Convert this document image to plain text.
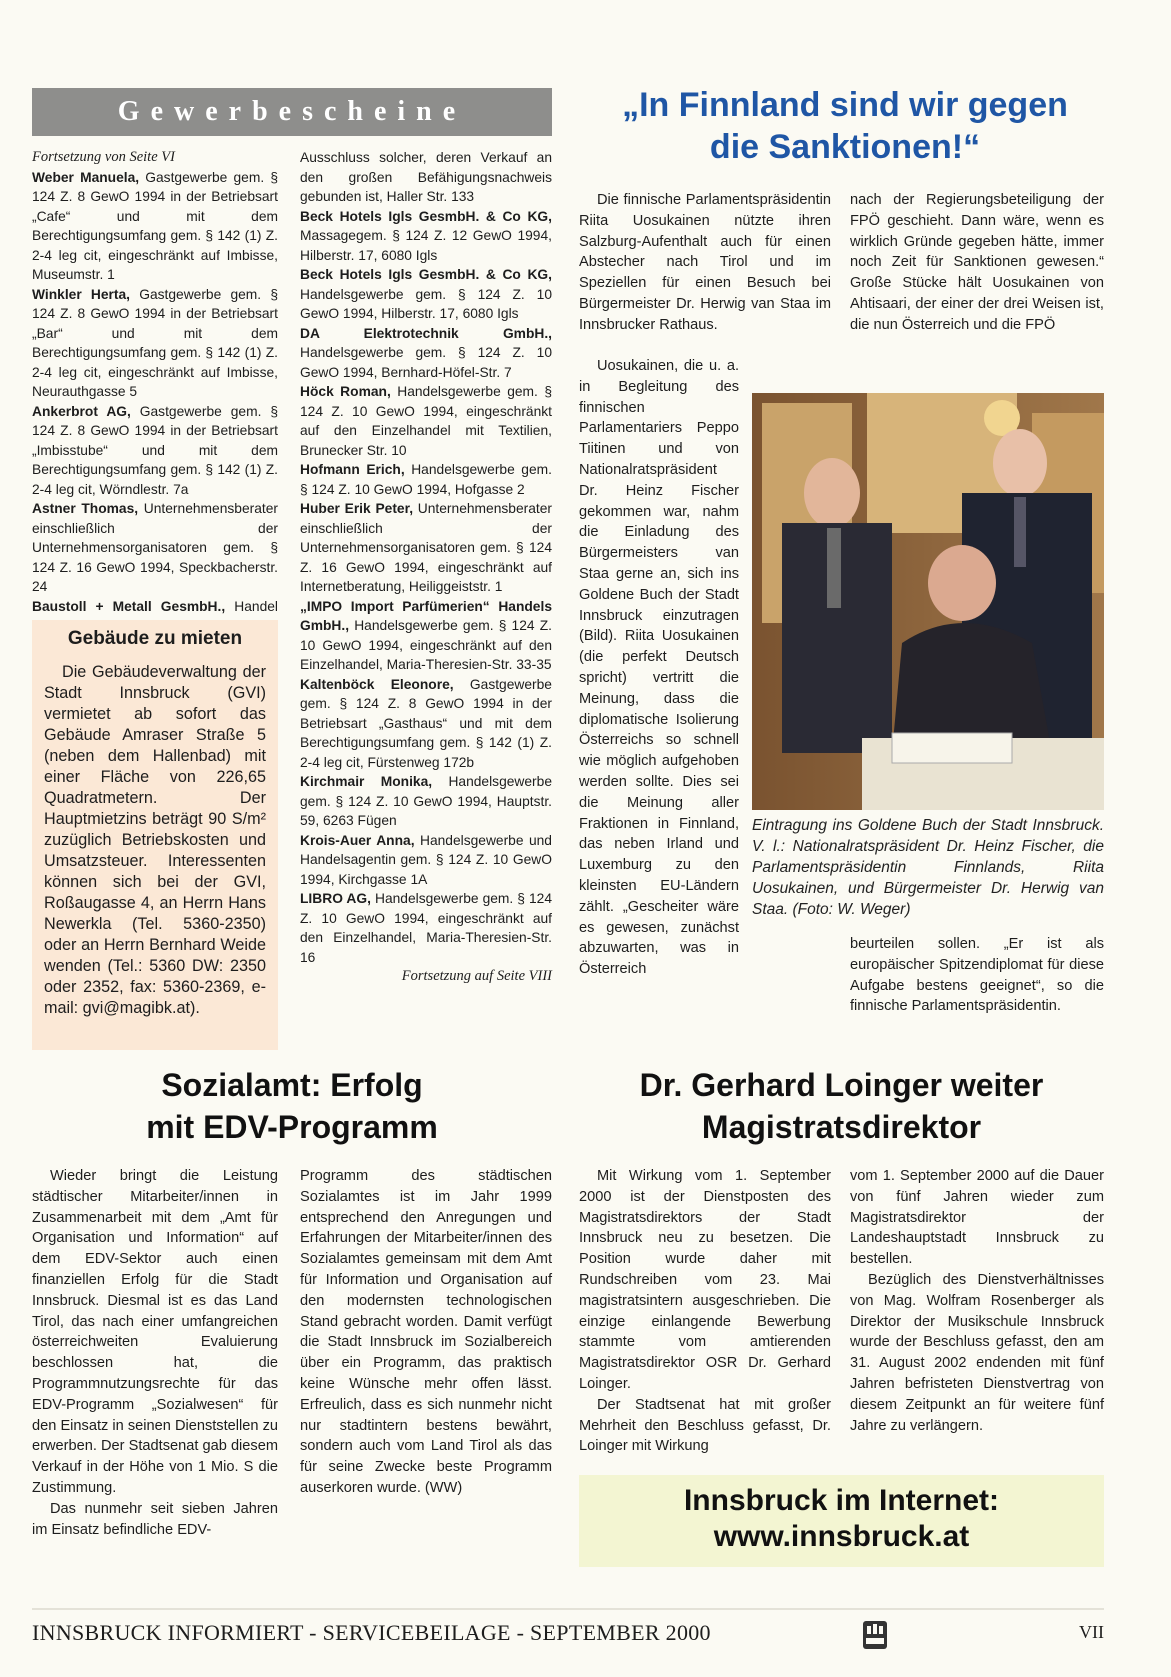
Gewerbescheine

Fortsetzung von Seite VI

Weber Manuela, Gastgewerbe gem. § 124 Z. 8 GewO 1994 in der Betriebsart „Cafe“ und mit dem Berechtigungsumfang gem. § 142 (1) Z. 2-4 leg cit, eingeschränkt auf Imbisse, Museumstr. 1

Winkler Herta, Gastgewerbe gem. § 124 Z. 8 GewO 1994 in der Betriebsart „Bar“ und mit dem Berechtigungsumfang gem. § 142 (1) Z. 2-4 leg cit, eingeschränkt auf Imbisse, Neurauthgasse 5

Ankerbrot AG, Gastgewerbe gem. § 124 Z. 8 GewO 1994 in der Betriebsart „Imbisstube“ und mit dem Berechtigungsumfang gem. § 142 (1) Z. 2-4 leg cit, Wörndlestr. 7a

Astner Thomas, Unternehmensberater einschließlich der Unternehmensorganisatoren gem. § 124 Z. 16 GewO 1994, Speckbacherstr. 24

Baustoll + Metall GesmbH., Handel

Ausschluss solcher, deren Verkauf an den großen Befähigungsnachweis gebunden ist, Haller Str. 133

Beck Hotels Igls GesmbH. & Co KG, Massagegem. § 124 Z. 12 GewO 1994, Hilberstr. 17, 6080 Igls

Beck Hotels Igls GesmbH. & Co KG, Handelsgewerbe gem. § 124 Z. 10 GewO 1994, Hilberstr. 17, 6080 Igls

DA Elektrotechnik GmbH., Handelsgewerbe gem. § 124 Z. 10 GewO 1994, Bernhard-Höfel-Str. 7

Höck Roman, Handelsgewerbe gem. § 124 Z. 10 GewO 1994, eingeschränkt auf den Einzelhandel mit Textilien, Brunecker Str. 10

Hofmann Erich, Handelsgewerbe gem. § 124 Z. 10 GewO 1994, Hofgasse 2

Huber Erik Peter, Unternehmensberater einschließlich der Unternehmensorganisatoren gem. § 124 Z. 16 GewO 1994, eingeschränkt auf Internetberatung, Heiliggeiststr. 1

„IMPO Import Parfümerien“ Handels GmbH., Handelsgewerbe gem. § 124 Z. 10 GewO 1994, eingeschränkt auf den Einzelhandel, Maria-Theresien-Str. 33-35

Kaltenböck Eleonore, Gastgewerbe gem. § 124 Z. 8 GewO 1994 in der Betriebsart „Gasthaus“ und mit dem Berechtigungsumfang gem. § 142 (1) Z. 2-4 leg cit, Fürstenweg 172b

Kirchmair Monika, Handelsgewerbe gem. § 124 Z. 10 GewO 1994, Hauptstr. 59, 6263 Fügen

Krois-Auer Anna, Handelsgewerbe und Handelsagentin gem. § 124 Z. 10 GewO 1994, Kirchgasse 1A

LIBRO AG, Handelsgewerbe gem. § 124 Z. 10 GewO 1994, eingeschränkt auf den Einzelhandel, Maria-Theresien-Str. 16

Fortsetzung auf Seite VIII

Gebäude zu mieten
Die Gebäudeverwaltung der Stadt Innsbruck (GVI) vermietet ab sofort das Gebäude Amraser Straße 5 (neben dem Hallenbad) mit einer Fläche von 226,65 Quadratmetern. Der Hauptmietzins beträgt 90 S/m² zuzüglich Betriebskosten und Umsatzsteuer. Interessenten können sich bei der GVI, Roßaugasse 4, an Herrn Hans Newerkla (Tel. 5360-2350) oder an Herrn Bernhard Weide wenden (Tel.: 5360 DW: 2350 oder 2352, fax: 5360-2369, e-mail: gvi@magibk.at).
„In Finnland sind wir gegen
die Sanktionen!“

Die finnische Parlamentspräsidentin Riita Uosukainen nützte ihren Salzburg-Aufenthalt auch für einen Abstecher nach Tirol und im Speziellen für einen Besuch bei Bürgermeister Dr. Herwig van Staa im Innsbrucker Rathaus.

Uosukainen, die u. a. in Begleitung des finnischen Parlamentariers Peppo Tiitinen und von Nationalratspräsident Dr. Heinz Fischer gekommen war, nahm die Einladung des Bürgermeisters van Staa gerne an, sich ins Goldene Buch der Stadt Innsbruck einzutragen (Bild). Riita Uosukainen (die perfekt Deutsch spricht) vertritt die Meinung, dass die diplomatische Isolierung Österreichs so schnell wie möglich aufgehoben werden sollte. Dies sei die Meinung aller Fraktionen in Finnland, das neben Irland und Luxemburg zu den kleinsten EU-Ländern zählt. „Gescheiter wäre es gewesen, zunächst abzuwarten, was in Österreich

nach der Regierungsbeteiligung der FPÖ geschieht. Dann wäre, wenn es wirklich Gründe gegeben hätte, immer noch Zeit für Sanktionen gewesen.“ Große Stücke hält Uosukainen von Ahtisaari, der einer der drei Weisen ist, die nun Österreich und die FPÖ

Eintragung ins Goldene Buch der Stadt Innsbruck. V. l.: Nationalratspräsident Dr. Heinz Fischer, die Parlamentspräsidentin Finnlands, Riita Uosukainen, und Bürgermeister Dr. Herwig van Staa. (Foto: W. Weger)

beurteilen sollen. „Er ist als europäischer Spitzendiplomat für diese Aufgabe bestens geeignet“, so die finnische Parlamentspräsidentin.

Sozialamt: Erfolg
mit EDV-Programm

Wieder bringt die Leistung städtischer Mitarbeiter/innen in Zusammenarbeit mit dem „Amt für Organisation und Information“ auf dem EDV-Sektor auch einen finanziellen Erfolg für die Stadt Innsbruck. Diesmal ist es das Land Tirol, das nach einer umfangreichen österreichweiten Evaluierung beschlossen hat, die Programmnutzungsrechte für das EDV-Programm „Sozialwesen“ für den Einsatz in seinen Dienststellen zu erwerben. Der Stadtsenat gab diesem Verkauf in der Höhe von 1 Mio. S die Zustimmung.

Das nunmehr seit sieben Jahren im Einsatz befindliche EDV-

Programm des städtischen Sozialamtes ist im Jahr 1999 entsprechend den Anregungen und Erfahrungen der Mitarbeiter/innen des Sozialamtes gemeinsam mit dem Amt für Information und Organisation auf den modernsten technologischen Stand gebracht worden. Damit verfügt die Stadt Innsbruck im Sozialbereich über ein Programm, das praktisch keine Wünsche mehr offen lässt. Erfreulich, dass es sich nunmehr nicht nur stadtintern bestens bewährt, sondern auch vom Land Tirol als das für seine Zwecke beste Programm auserkoren wurde. (WW)

Dr. Gerhard Loinger weiter
Magistratsdirektor

Mit Wirkung vom 1. September 2000 ist der Dienstposten des Magistratsdirektors der Stadt Innsbruck neu zu besetzen. Die Position wurde daher mit Rundschreiben vom 23. Mai magistratsintern ausgeschrieben. Die einzige einlangende Bewerbung stammte vom amtierenden Magistratsdirektor OSR Dr. Gerhard Loinger.

Der Stadtsenat hat mit großer Mehrheit den Beschluss gefasst, Dr. Loinger mit Wirkung

vom 1. September 2000 auf die Dauer von fünf Jahren wieder zum Magistratsdirektor der Landeshauptstadt Innsbruck zu bestellen.

Bezüglich des Dienstverhältnisses von Mag. Wolfram Rosenberger als Direktor der Musikschule Innsbruck wurde der Beschluss gefasst, den am 31. August 2002 endenden mit fünf Jahren befristeten Dienstvertrag von diesem Zeitpunkt an für weitere fünf Jahre zu verlängern.

Innsbruck im Internet:
www.innsbruck.at
INNSBRUCK INFORMIERT - SERVICEBEILAGE - SEPTEMBER 2000	VII
